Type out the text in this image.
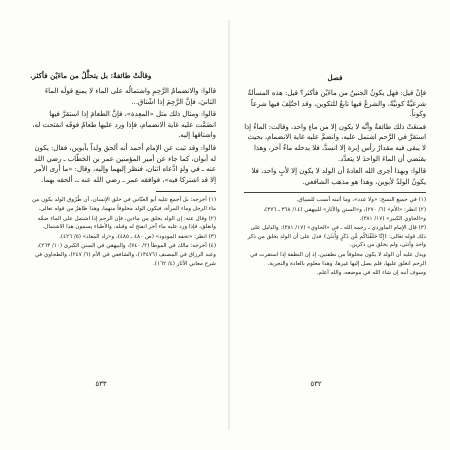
وقالَتْ طائفةٌ: بل يتحلَّلُ من ماءَيْن فأكثر.

قالوا: والانضمامُ الرَّحِمِ واشتمالُه على الماء لا يمنع قولَه الماءَ الثانيَ، فإنَّ الرَّحِمَ إذا اشْتاق...

قالوا: ومثال ذلك مثل «المعِدة»، فإنَّ الطعامَ إذا استقرَّ فيها انضَمَّت عليه غاية الانضمام، فإذا ورد عليها طعامٌ فوقَه انفتحت له، واشتاقها إليه.

قالوا: وقد ثبت عن الإمام أحمد أنه ألحق ولداً بأبوين، فقال: يكون له أبوان، كما جاء عن أمير المؤمنين عمر بن الخطّاب ـ رضي الله عنه ـ في ولدٍ ادَّعاه اثنان، فنظر إليهما وإليه، وقال: «ما أرى الأمر إلا قد اشتركا فيه»، فوافقه عمر ـ رضي الله عنه ـ، ألحقه بهما.

(١) أخرجه: بل أجمع عليه أبو العبّاس في حلق الإنسان، أن طُرُوق الولد يكون من ماء الرجل وماء المرأة، فيكون الولد مخلوقاً منهما، وهذا ظاهرٌ من قوله تعالى.
(٢) وقال عنه: إن الولد يخلق من ماءين، فإن الرحم إذا اشتمل على الماء ضمَّه وانغلق، فإذا ورد عليه ماء آخر انفتح له وقبله، والأطباء يسمون هذا الاشتمال.
(٣) انظر: «تحفة المودود» (ص ٤٨٠ ـ ٤٨٥)، و«زاد المعاد» (٥/ ٤٢٦).
(٤) أخرجه: مالك في الموطأ (٢/ ٧٤٠)، والبيهقي في السنن الكبرى (١٠/ ٢٦٣)، وعبد الرزاق في المصنف (١٣٤٧٦)، والشافعي في الأم (٦/ ٢٤٧)، والطحاوي في شرح معاني الآثار (٤/ ١٦٢).
٥٣٣

فصل

فإنْ قيل: فهل يكونُ الجنينُ من ماءَيْن فأكثر؟ قيل: هذه المسألةُ شرعيَّةٌ كونيَّةٌ، والشرعُ فيها تابعٌ للتكوين، وقد اختُلِفَ فيها شرعاً وكوناً.

فمنعَتْ ذلك طائفةٌ وأنَّه لا يكون إلا من ماءٍ واحد، وقالت: الماءُ إذا استقرَّ في الرَّحم اشتمل عليه، وانضمَّ عليه غاية الانضمام، بحيث لا يبقى فيه مقدارُ رأس إبرة إلا انسدَّ، فلا يدخله ماءٌ آخر، وهذا يقتضي أن الماءَ الواحدَ لا يتعدَّد.

قالوا: ويهذا أجرى الله العادةَ أن الولد لا يكون إلا لأبٍ واحد، فلا يكونُ الولدُ لأبوين، وهذا هو مذهب الشافعي.

(١) في جميع النسخ: «ولا عدد»، وما أثبته أنسب للسياق.
(٢) انظر: «الأم» (٦/ ٢٧٠)، و«السنن والآثار» للبيهقي (١٤/ ٣٦٨ ـ ٣٧٦)، و«الحاوي الكبير» (١٧/ ٣٨١).
(٣) قال الإمام الماوردي ـ رحمه الله ـ في «الحاوي» (١٧/ ٣٨١): والدليل على ذلك قوله تعالى: ﴿إِنَّا خَلَقْنَاكُم مِّن ذَكَرٍ وَأُنثَىٰ﴾ فدل على أن الولد يخلق من ذكر واحد وأنثى، ولم يخلق من ذكرين.
ويدل عليه أن الولد لا يكون مخلوقاً من نطفتين، إذ إن النطفة إذا استقرت في الرحم انغلق عليها، فلم يصل إليها غيرها، وهذا معلوم بالعادة والتجربة.
وسوف أنبه إن شاء الله في موضعه، والله أعلم.
٥٣٢
